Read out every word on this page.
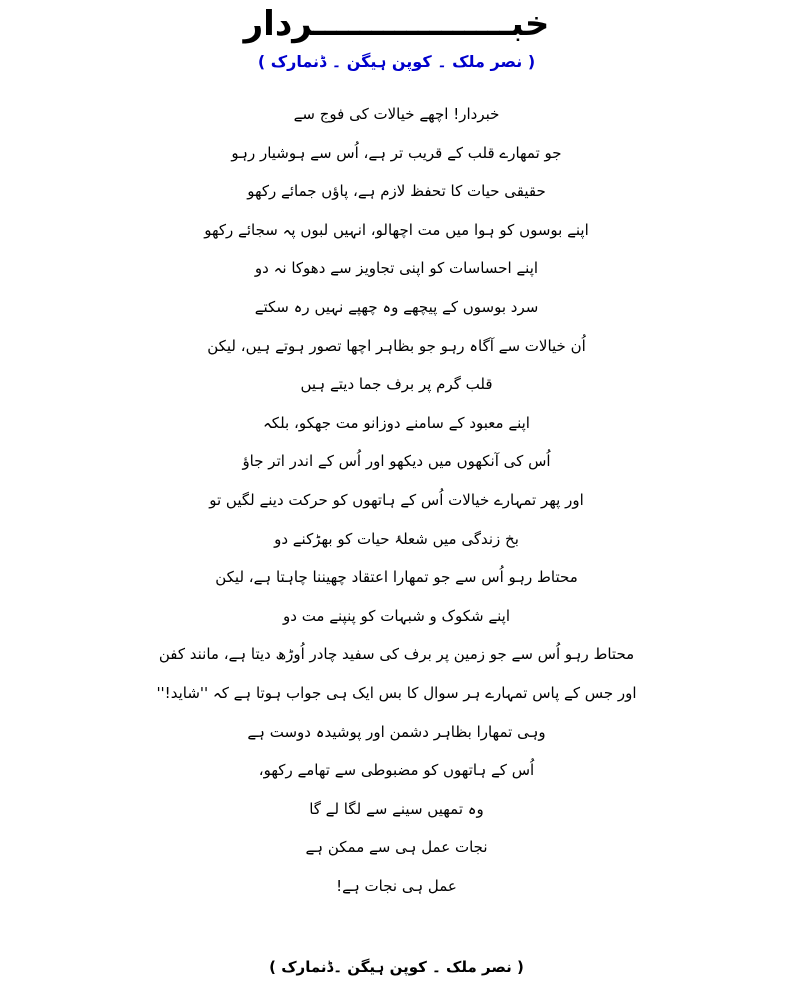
خبـــــــــــــــــردار
( نصر ملک ۔ کوپن ہیگن ۔ ڈنمارک )
خبردار! اچھے خیالات کی فوج سے
جو تمھارے قلب کے قریب تر ہے، اُس سے ہوشیار رہو
حقیقی حیات کا تحفظ لازم ہے، پاؤں جمائے رکھو
اپنے بوسوں کو ہوا میں مت اچھالو، انہیں لبوں پہ سجائے رکھو
اپنے احساسات کو اپنی تجاویز سے دھوکا نہ دو
سرد بوسوں کے پیچھے وہ چھپے نہیں رہ سکتے
اُن خیالات سے آگاہ رہو جو بظاہر اچھا تصور ہوتے ہیں، لیکن
قلب گرم پر برف جما دیتے ہیں
اپنے معبود کے سامنے دوزانو مت جھکو، بلکہ
اُس کی آنکھوں میں دیکھو اور اُس کے اندر اتر جاؤ
اور پھر تمہارے خیالات اُس کے ہاتھوں کو حرکت دینے لگیں تو
بخ زندگی میں شعلۂ حیات کو بھڑکنے دو
محتاط رہو اُس سے جو تمھارا اعتقاد چھیننا چاہتا ہے، لیکن
اپنے شکوک و شبہات کو پنپنے مت دو
محتاط رہو اُس سے جو زمین پر برف کی سفید چادر اُوڑھ دیتا ہے، مانند کفن
اور جس کے پاس تمہارے ہر سوال کا بس ایک ہی جواب ہوتا ہے کہ ''شاید!''
وہی تمھارا بظاہر دشمن اور پوشیدہ دوست ہے
اُس کے ہاتھوں کو مضبوطی سے تھامے رکھو،
وہ تمھیں سینے سے لگا لے گا
نجات عمل ہی سے ممکن ہے
عمل ہی نجات ہے!
( نصر ملک ۔ کوپن ہیگن ۔ڈنمارک )
